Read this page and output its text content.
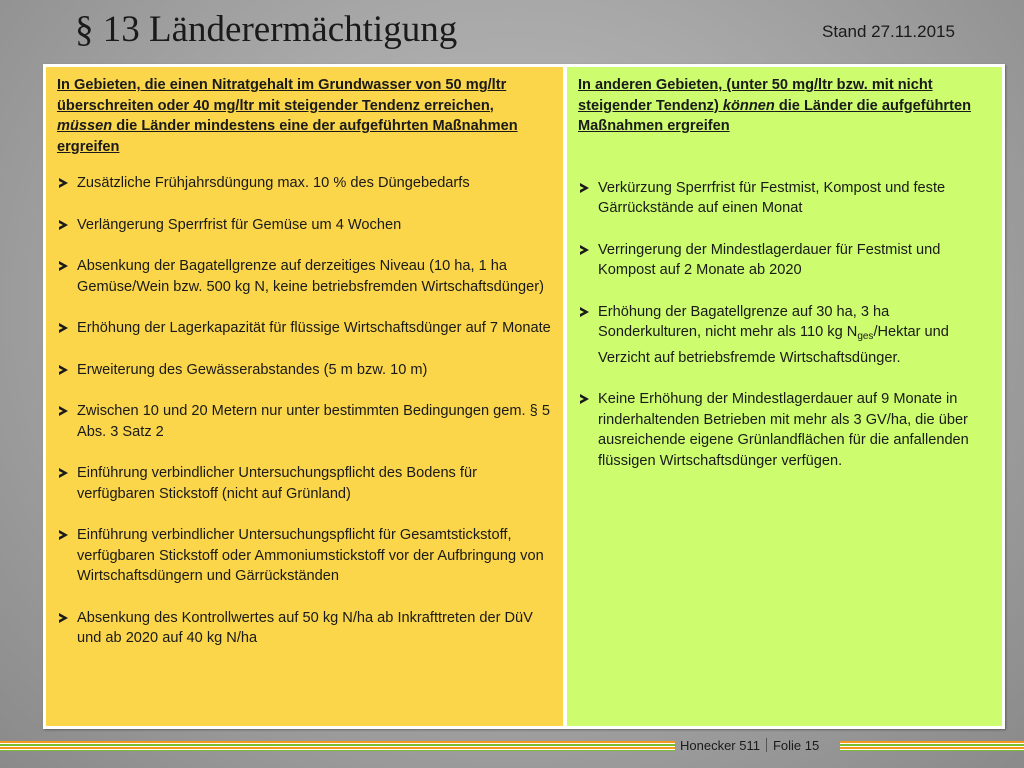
§ 13 Länderermächtigung	Stand 27.11.2015

In Gebieten, die einen Nitratgehalt im Grundwasser von 50 mg/ltr überschreiten oder 40 mg/ltr mit steigender Tendenz erreichen, müssen die Länder mindestens eine der aufgeführten Maßnahmen ergreifen

Zusätzliche Frühjahrsdüngung max. 10 % des Düngebedarfs
Verlängerung Sperrfrist für Gemüse um 4 Wochen
Absenkung der Bagatellgrenze auf derzeitiges Niveau (10 ha, 1 ha Gemüse/Wein bzw. 500 kg N, keine betriebsfremden Wirtschaftsdünger)
Erhöhung der Lagerkapazität für flüssige Wirtschaftsdünger auf 7 Monate
Erweiterung des Gewässerabstandes (5 m bzw. 10 m)
Zwischen 10 und 20 Metern nur unter bestimmten Bedingungen gem. § 5 Abs. 3 Satz 2
Einführung verbindlicher Untersuchungspflicht des Bodens für verfügbaren Stickstoff (nicht auf Grünland)
Einführung verbindlicher Untersuchungspflicht für Gesamtstickstoff, verfügbaren Stickstoff oder Ammoniumstickstoff vor der Aufbringung von Wirtschaftsdüngern und Gärrückständen
Absenkung des Kontrollwertes auf 50 kg N/ha ab Inkrafttreten der DüV und ab 2020 auf 40 kg N/ha

In anderen Gebieten, (unter 50 mg/ltr bzw. mit nicht steigender Tendenz) können die Länder die aufgeführten Maßnahmen ergreifen

Verkürzung Sperrfrist für Festmist, Kompost und feste Gärrückstände auf einen Monat
Verringerung der Mindestlagerdauer für Festmist und Kompost auf 2 Monate ab 2020
Erhöhung der Bagatellgrenze auf 30 ha, 3 ha Sonderkulturen, nicht mehr als 110 kg $N_{ges}$/Hektar und Verzicht auf betriebsfremde Wirtschaftsdünger.
Keine Erhöhung der Mindestlagerdauer auf 9 Monate in rinderhaltenden Betrieben mit mehr als 3 GV/ha, die über ausreichende eigene Grünlandflächen für die anfallenden flüssigen Wirtschaftsdünger verfügen.
Honecker 511 Folie 15
